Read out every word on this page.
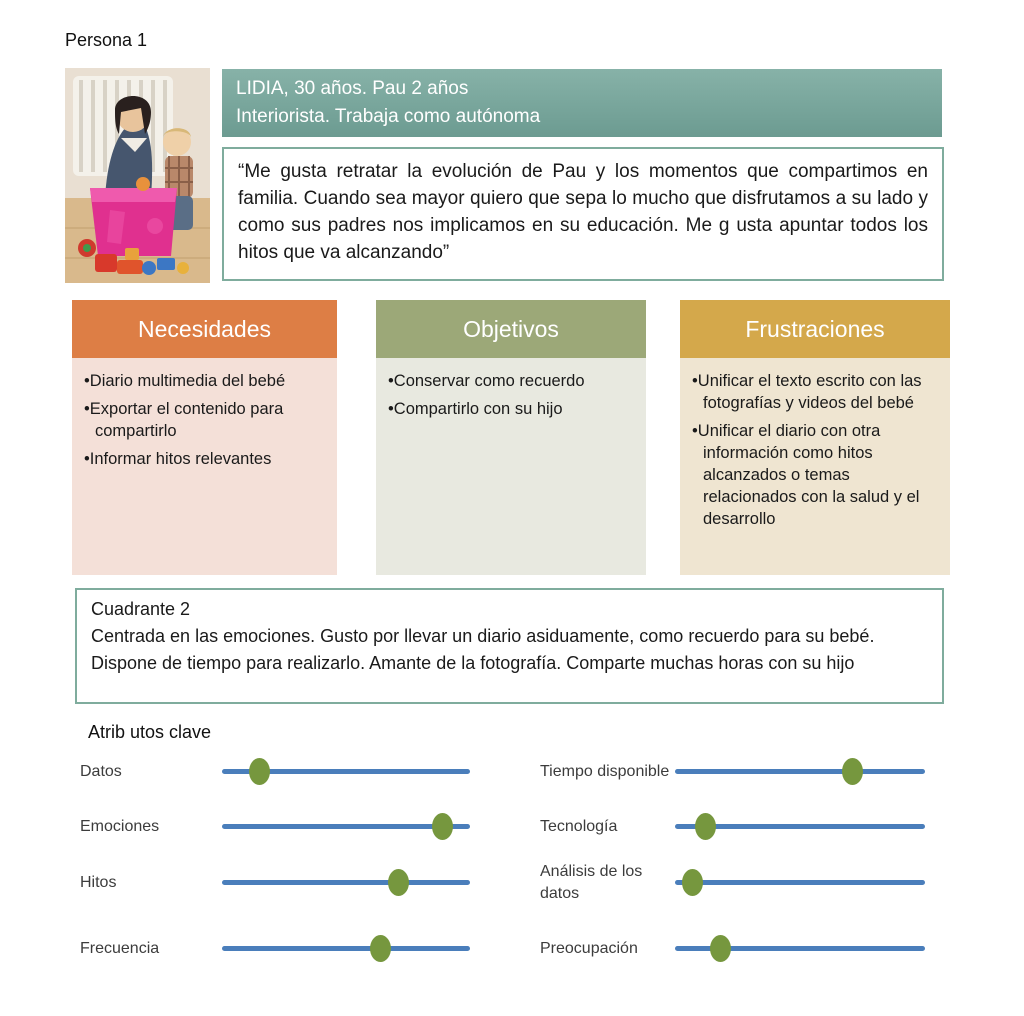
Persona 1
LIDIA, 30 años. Pau 2 años
Interiorista. Trabaja como autónoma

“Me gusta retratar la evolución de Pau y los momentos que compartimos en familia. Cuando sea mayor quiero que sepa lo mucho que disfrutamos a su lado y como sus padres nos implicamos en su educación. Me g usta apuntar todos los hitos que va alcanzando”

Necesidades
•Diario multimedia del bebé
•Exportar el contenido para compartirlo
•Informar hitos relevantes
Objetivos
•Conservar como recuerdo
•Compartirlo con su hijo
Frustraciones
•Unificar el texto escrito con las fotografías y videos del bebé
•Unificar el diario con otra información como hitos alcanzados o temas relacionados con la salud y el desarrollo
Cuadrante 2

Centrada en las emociones. Gusto por llevar un diario asiduamente, como recuerdo para su bebé. Dispone de tiempo para realizarlo. Amante de la fotografía. Comparte muchas horas con su hijo

Atrib utos clave
Datos
Emociones
Hitos
Frecuencia
Tiempo disponible
Tecnología
Análisis de los datos
Preocupación
